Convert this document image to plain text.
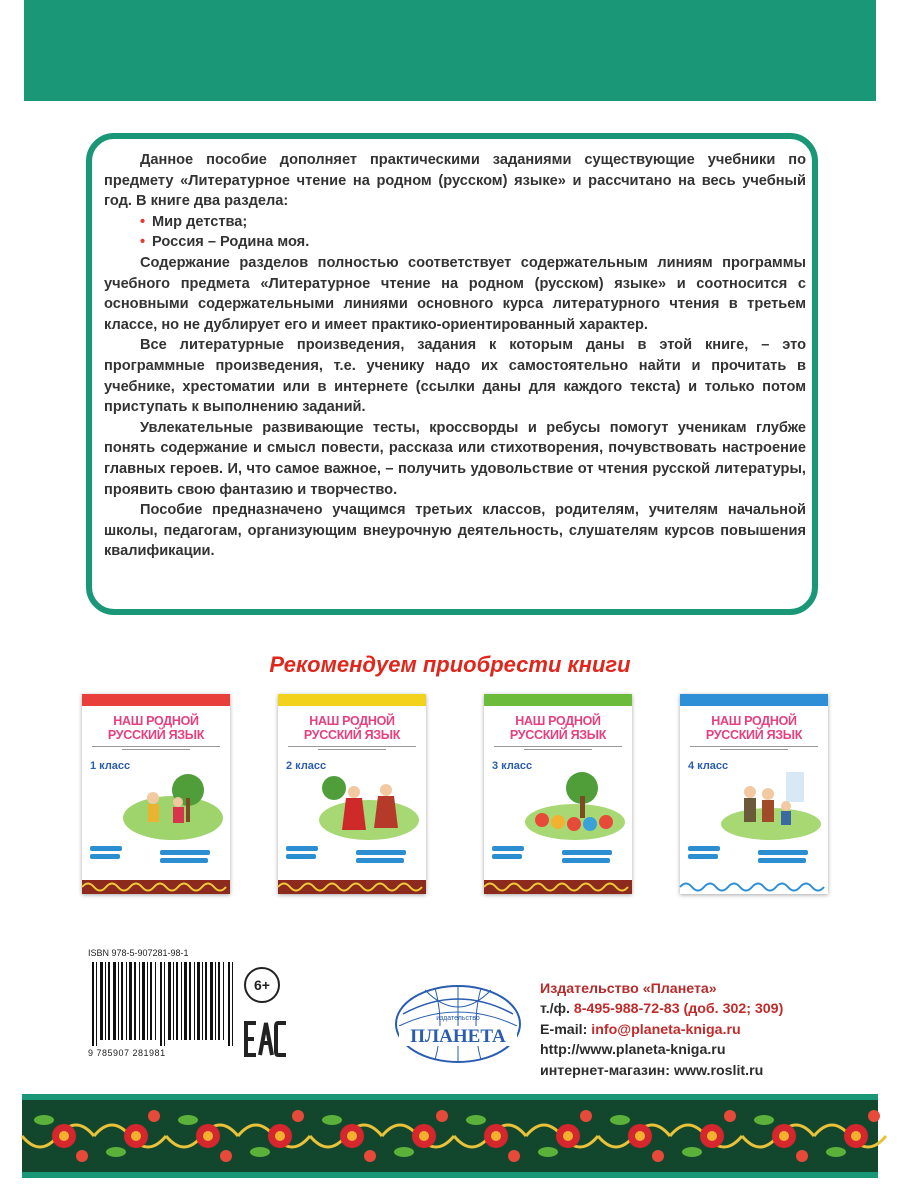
Данное пособие дополняет практическими заданиями существующие учебники по предмету «Литературное чтение на родном (русском) языке» и рассчитано на весь учебный год. В книге два раздела:

• Мир детства;
• Россия – Родина моя.

Содержание разделов полностью соответствует содержательным линиям программы учебного предмета «Литературное чтение на родном (русском) языке» и соотносится с основными содержательными линиями основного курса литературного чтения в третьем классе, но не дублирует его и имеет практико-ориентированный характер.

Все литературные произведения, задания к которым даны в этой книге, – это программные произведения, т.е. ученику надо их самостоятельно найти и прочитать в учебнике, хрестоматии или в интернете (ссылки даны для каждого текста) и только потом приступать к выполнению заданий.

Увлекательные развивающие тесты, кроссворды и ребусы помогут ученикам глубже понять содержание и смысл повести, рассказа или стихотворения, почувствовать настроение главных героев. И, что самое важное, – получить удовольствие от чтения русской литературы, проявить свою фантазию и творчество.

Пособие предназначено учащимся третьих классов, родителям, учителям начальной школы, педагогам, организующим внеурочную деятельность, слушателям курсов повышения квалификации.

Рекомендуем приобрести книги
НАШ РОДНОЙ
РУССКИЙ ЯЗЫК
1 класс
НАШ РОДНОЙ
РУССКИЙ ЯЗЫК
2 класс
НАШ РОДНОЙ
РУССКИЙ ЯЗЫК
3 класс
НАШ РОДНОЙ
РУССКИЙ ЯЗЫК
4 класс
ISBN 978-5-907281-98-1
9 785907 281981
6+
EAC	издательство
ПЛАНЕТА
Издательство «Планета»
т./ф. 8-495-988-72-83 (доб. 302; 309)
E-mail: info@planeta-kniga.ru
http://www.planeta-kniga.ru
интернет-магазин: www.roslit.ru
